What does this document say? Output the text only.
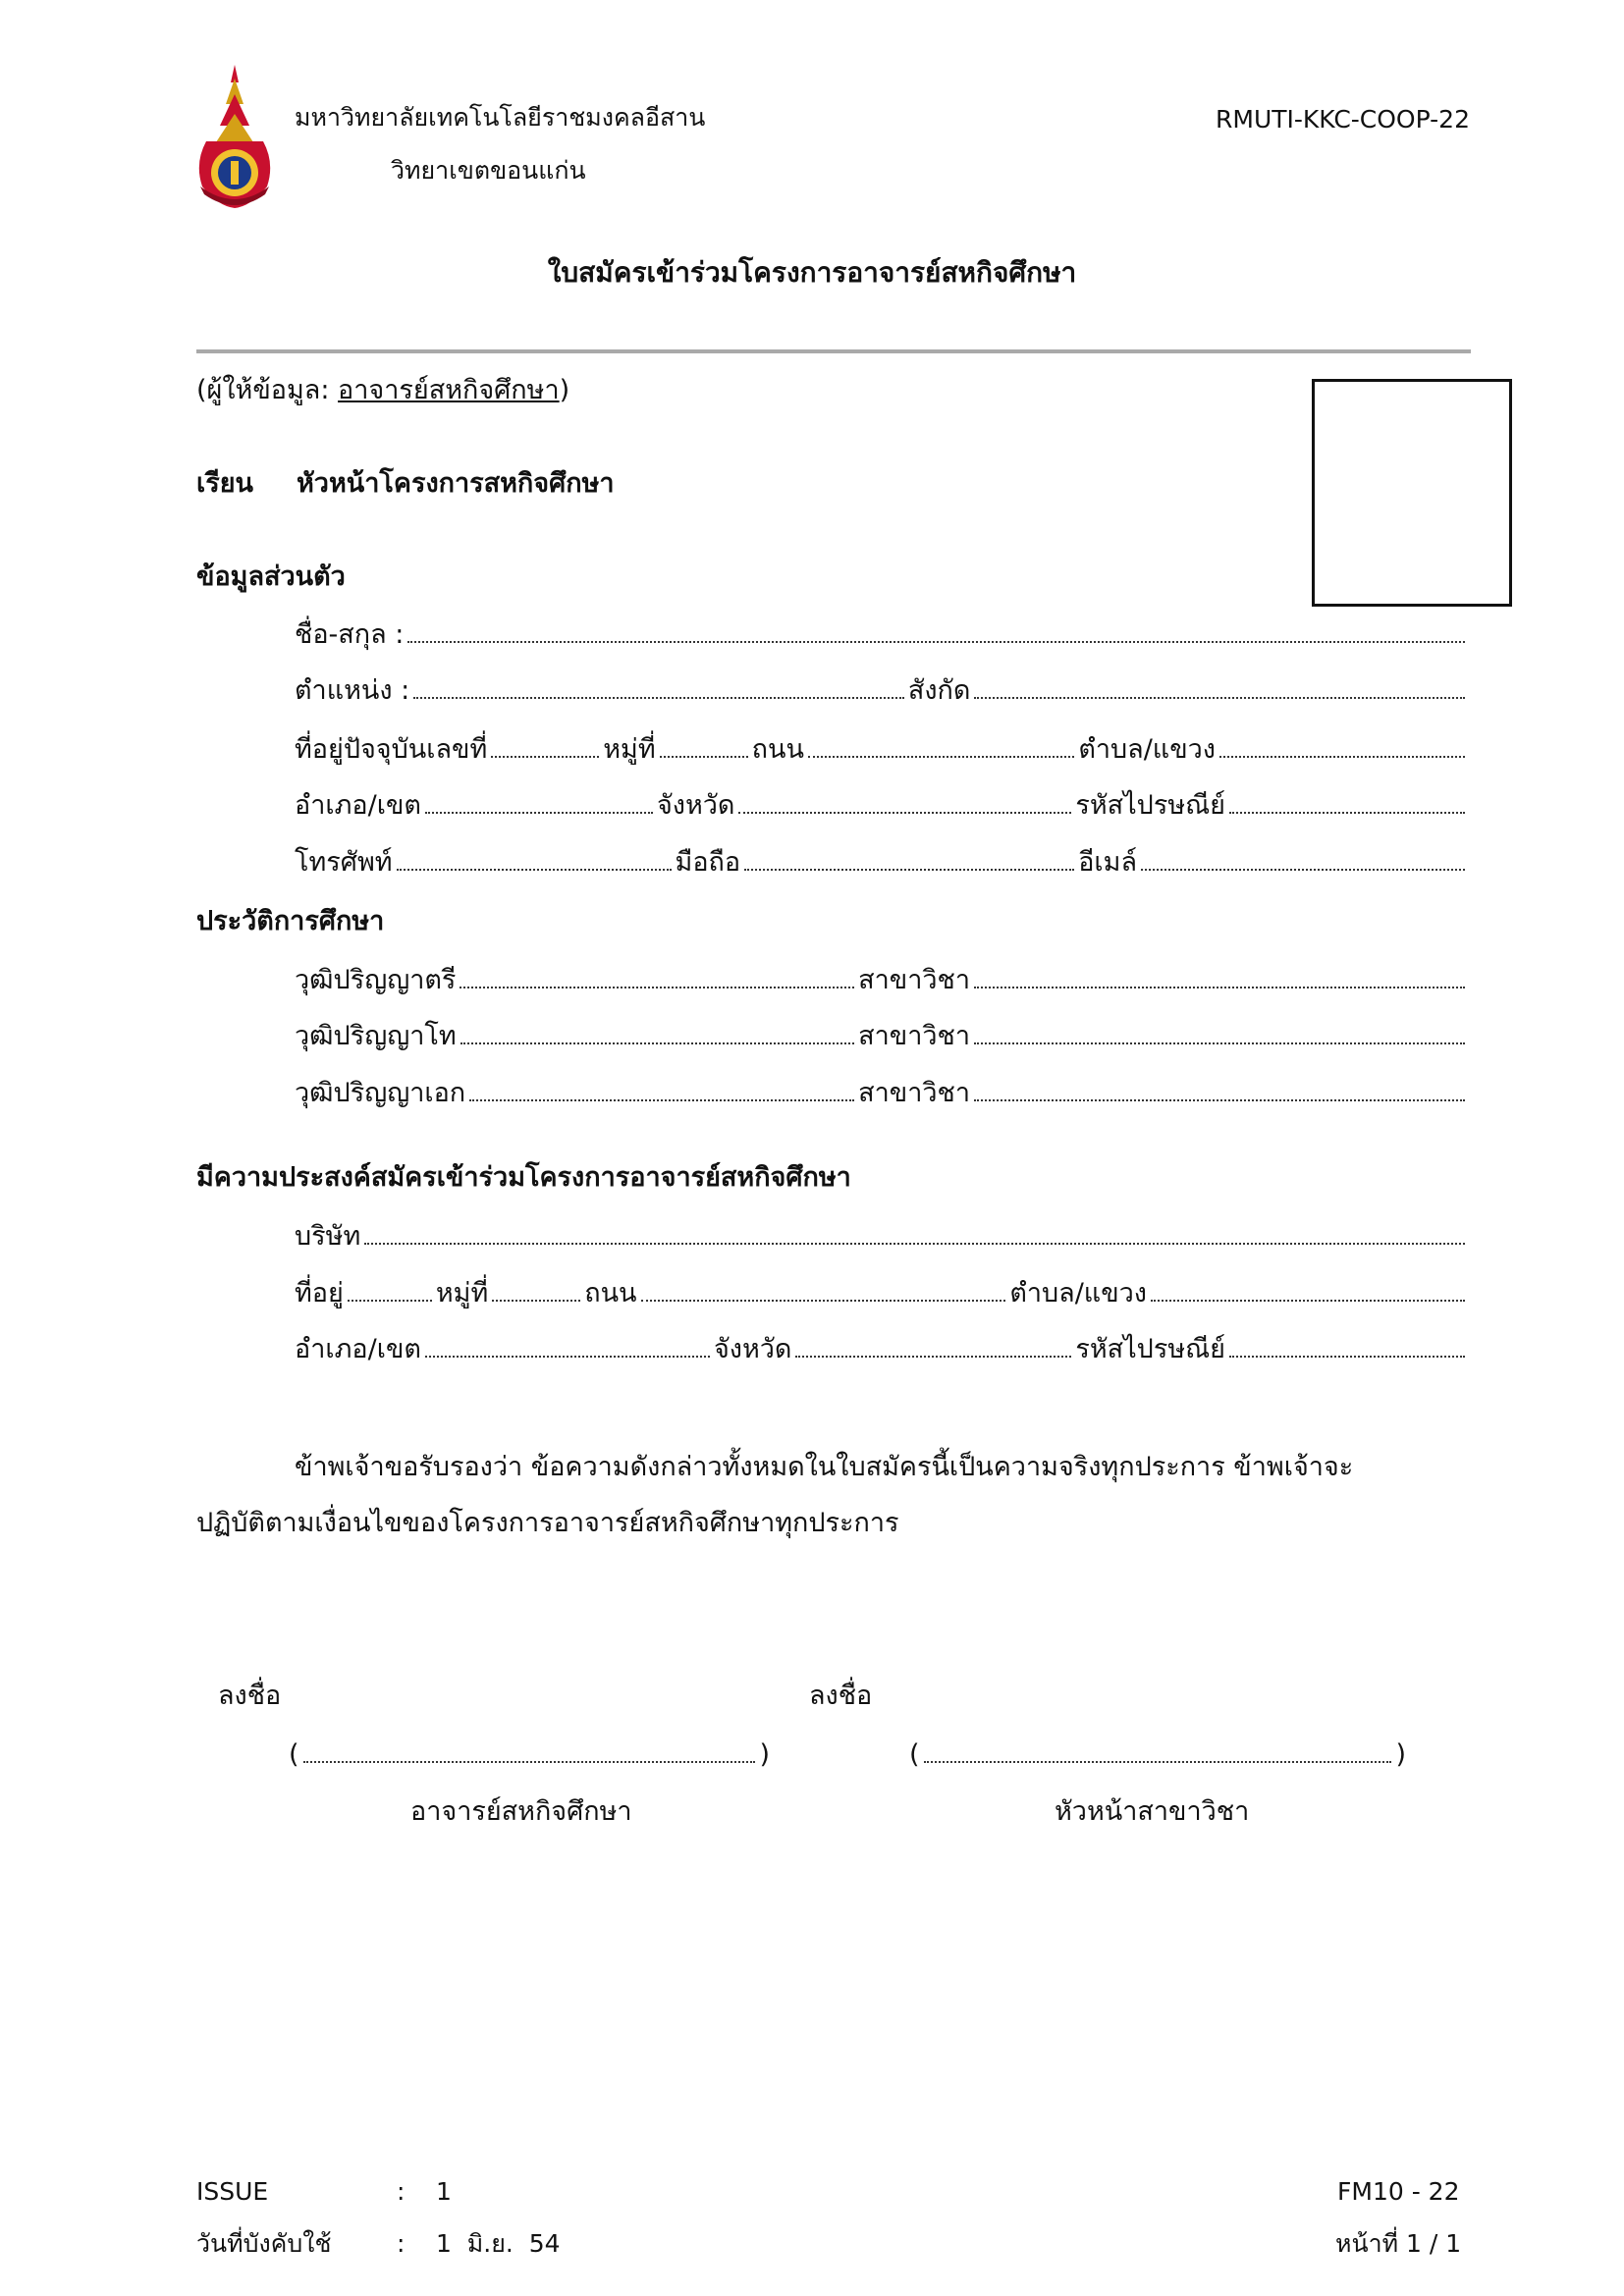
มหาวิทยาลัยเทคโนโลยีราชมงคลอีสาน
วิทยาเขตขอนแก่น
RMUTI-KKC-COOP-22
ใบสมัครเข้าร่วมโครงการอาจารย์สหกิจศึกษา
(ผู้ให้ข้อมูล: อาจารย์สหกิจศึกษา)
เรียน หัวหน้าโครงการสหกิจศึกษา
ข้อมูลส่วนตัว
ชื่อ-สกุล :
ตำแหน่ง :	สังกัด
ที่อยู่ปัจจุบันเลขที่	หมู่ที่	ถนน	ตำบล/แขวง
อำเภอ/เขต	จังหวัด	รหัสไปรษณีย์
โทรศัพท์	มือถือ	อีเมล์
ประวัติการศึกษา
วุฒิปริญญาตรี	สาขาวิชา
วุฒิปริญญาโท	สาขาวิชา
วุฒิปริญญาเอก	สาขาวิชา
มีความประสงค์สมัครเข้าร่วมโครงการอาจารย์สหกิจศึกษา
บริษัท
ที่อยู่	หมู่ที่	ถนน	ตำบล/แขวง
อำเภอ/เขต	จังหวัด	รหัสไปรษณีย์
ข้าพเจ้าขอรับรองว่า ข้อความดังกล่าวทั้งหมดในใบสมัครนี้เป็นความจริงทุกประการ ข้าพเจ้าจะ
ปฏิบัติตามเงื่อนไขของโครงการอาจารย์สหกิจศึกษาทุกประการ
ลงชื่อ	ลงชื่อ
(	)	(	)
อาจารย์สหกิจศึกษา	หัวหน้าสาขาวิชา
ISSUE	: 1	FM10 - 22
วันที่บังคับใช้	: 1  มิ.ย.  54	หน้าที่ 1 / 1
